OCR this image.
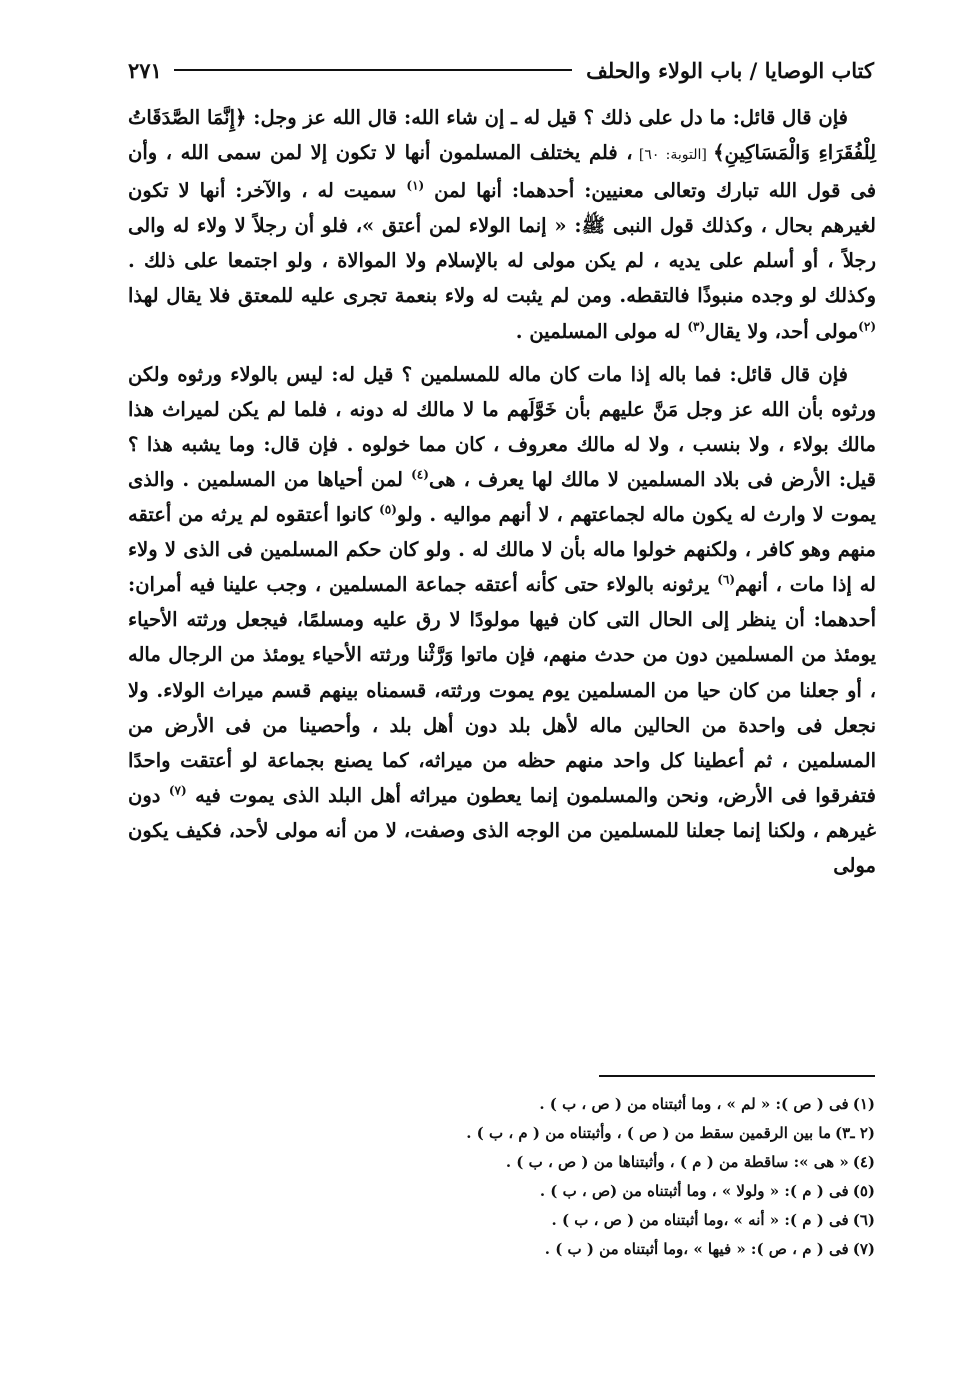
كتاب الوصايا / باب الولاء والحلف
٢٧١

فإن قال قائل: ما دل على ذلك ؟ قيل له ـ إن شاء الله: قال الله عز وجل: ﴿إِنَّمَا الصَّدَقَاتُ لِلْفُقَرَاءِ وَالْمَسَاكِينِ﴾ [التوبة: ٦٠] ، فلم يختلف المسلمون أنها لا تكون إلا لمن سمى الله ، وأن فى قول الله تبارك وتعالى معنيين: أحدهما: أنها لمن $^{(١)}$ سميت له ، والآخر: أنها لا تكون لغيرهم بحال ، وكذلك قول النبى ﷺ: « إنما الولاء لمن أعتق »، فلو أن رجلاً لا ولاء له والى رجلاً ، أو أسلم على يديه ، لم يكن مولى له بالإسلام ولا الموالاة ، ولو اجتمعا على ذلك . وكذلك لو وجده منبوذًا فالتقطه. ومن لم يثبت له ولاء بنعمة تجرى عليه للمعتق فلا يقال لهذا $^{(٢)}$مولى أحد، ولا يقال$^{(٣)}$ له مولى المسلمين .

فإن قال قائل: فما باله إذا مات كان ماله للمسلمين ؟ قيل له: ليس بالولاء ورثوه ولكن ورثوه بأن الله عز وجل مَنَّ عليهم بأن خَوَّلَهم ما لا مالك له دونه ، فلما لم يكن لميراث هذا مالك بولاء ، ولا بنسب ، ولا له مالك معروف ، كان مما خولوه . فإن قال: وما يشبه هذا ؟ قيل: الأرض فى بلاد المسلمين لا مالك لها يعرف ، هى$^{(٤)}$ لمن أحياها من المسلمين . والذى يموت لا وارث له يكون ماله لجماعتهم ، لا أنهم مواليه . ولو$^{(٥)}$ كانوا أعتقوه لم يرثه من أعتقه منهم وهو كافر ، ولكنهم خولوا ماله بأن لا مالك له . ولو كان حكم المسلمين فى الذى لا ولاء له إذا مات ، أنهم$^{(٦)}$ يرثونه بالولاء حتى كأنه أعتقه جماعة المسلمين ، وجب علينا فيه أمران: أحدهما: أن ينظر إلى الحال التى كان فيها مولودًا لا رق عليه ومسلمًا، فيجعل ورثته الأحياء يومئذ من المسلمين دون من حدث منهم، فإن ماتوا وَرَّثْنا ورثته الأحياء يومئذ من الرجال ماله ، أو جعلنا من كان حيا من المسلمين يوم يموت ورثته، قسمناه بينهم قسم ميراث الولاء. ولا نجعل فى واحدة من الحالين ماله لأهل بلد دون أهل بلد ، وأحصينا من فى الأرض من المسلمين ، ثم أعطينا كل واحد منهم حظه من ميراثه، كما يصنع بجماعة لو أعتقت واحدًا فتفرقوا فى الأرض، ونحن والمسلمون إنما يعطون ميراثه أهل البلد الذى يموت فيه $^{(٧)}$ دون غيرهم ، ولكنا إنما جعلنا للمسلمين من الوجه الذى وصفت، لا من أنه مولى لأحد، فكيف يكون مولى

(١)فى ( ص ): « لم » ، وما أثبتناه من ( ص ، ب ) .
(٢ ـ٣)ما بين الرقمين سقط من ( ص ) ، وأثبتناه من ( م ، ب ) .
(٤)« هى »: ساقطة من ( م ) ، وأثبتناها من ( ص ، ب ) .
(٥)فى ( م ): « ولولا » ، وما أثبتناه من (ص ، ب ) .
(٦)فى ( م ): « أنه » ،وما أثبتناه من ( ص ، ب ) .
(٧)فى ( م ، ص ): « فيها » ،وما أثبتناه من ( ب ) .
